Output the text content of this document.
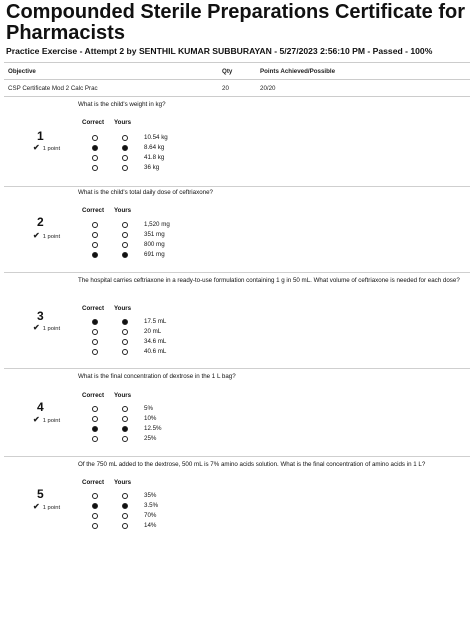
Compounded Sterile Preparations Certificate for Pharmacists
Practice Exercise - Attempt 2 by SENTHIL KUMAR SUBBURAYAN - 5/27/2023 2:56:10 PM - Passed - 100%
Objective	Qty	Points Achieved/Possible
CSP Certificate Mod 2 Calc Prac	20	20/20
What is the child's weight in kg?
1
✔ 1 point
Correct Yours
10.54 kg
8.64 kg
41.8 kg
36 kg
What is the child's total daily dose of ceftriaxone?
2
✔ 1 point
Correct Yours
1,520 mg
351 mg
800 mg
691 mg
The hospital carries ceftriaxone in a ready-to-use formulation containing 1 g in 50 mL. What volume of ceftriaxone is needed for each dose?
3
✔ 1 point
Correct Yours
17.5 mL
20 mL
34.6 mL
40.6 mL
What is the final concentration of dextrose in the 1 L bag?
4
✔ 1 point
Correct Yours
5%
10%
12.5%
25%
Of the 750 mL added to the dextrose, 500 mL is 7% amino acids solution. What is the final concentration of amino acids in 1 L?
5
✔ 1 point
Correct Yours
35%
3.5%
70%
14%
